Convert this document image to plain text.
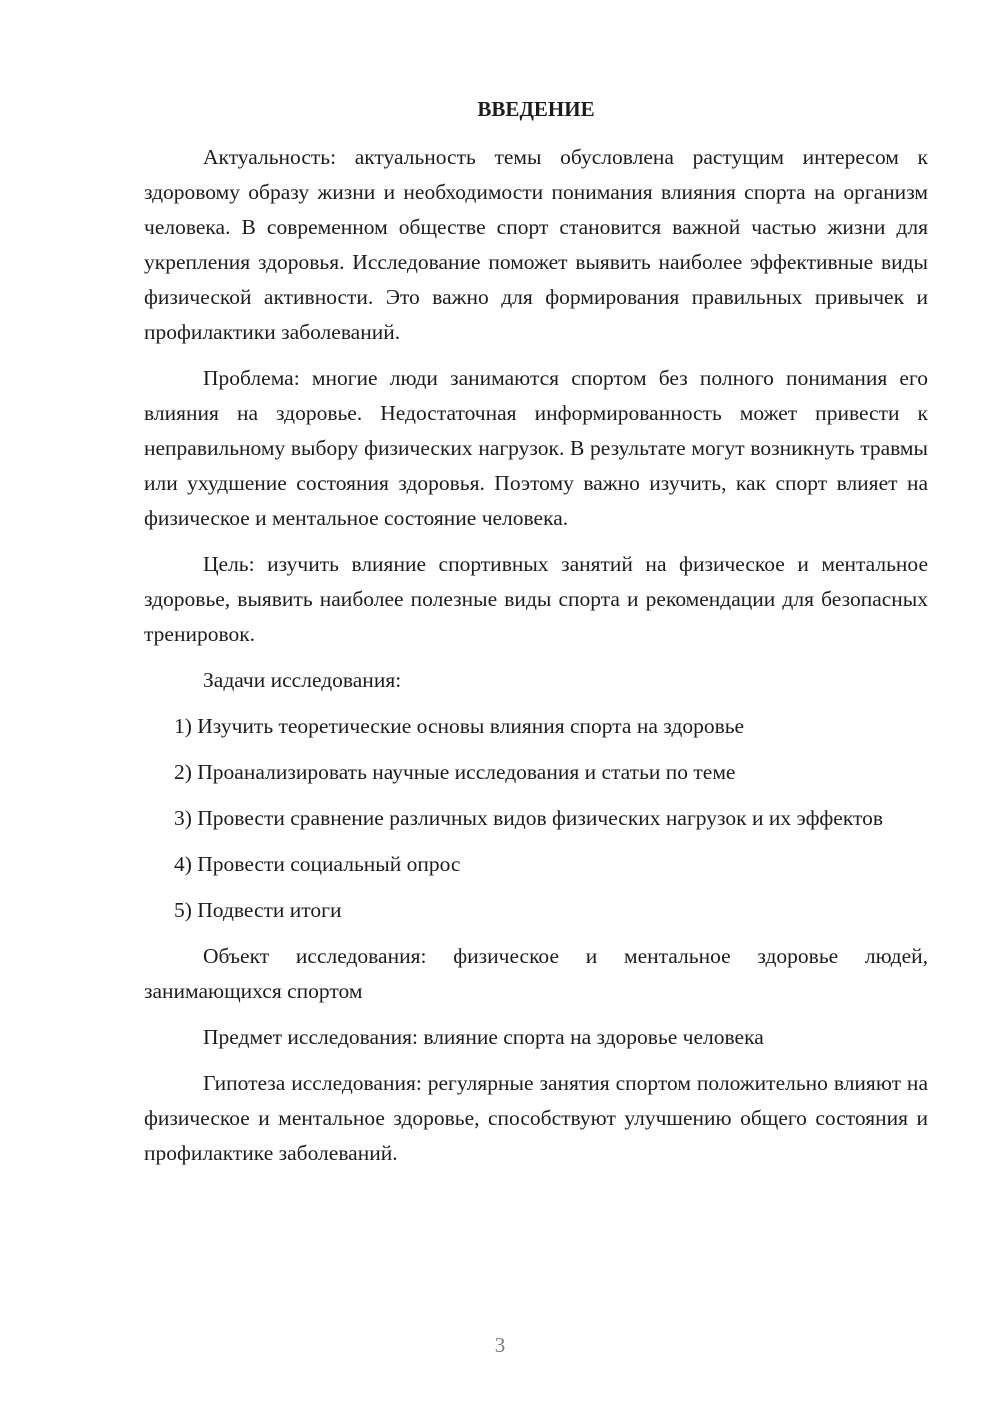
ВВЕДЕНИЕ

Актуальность: актуальность темы обусловлена растущим интересом к здоровому образу жизни и необходимости понимания влияния спорта на организм человека. В современном обществе спорт становится важной частью жизни для укрепления здоровья. Исследование поможет выявить наиболее эффективные виды физической активности. Это важно для формирования правильных привычек и профилактики заболеваний.

Проблема: многие люди занимаются спортом без полного понимания его влияния на здоровье. Недостаточная информированность может привести к неправильному выбору физических нагрузок. В результате могут возникнуть травмы или ухудшение состояния здоровья. Поэтому важно изучить, как спорт влияет на физическое и ментальное состояние человека.

Цель: изучить влияние спортивных занятий на физическое и ментальное здоровье, выявить наиболее полезные виды спорта и рекомендации для безопасных тренировок.

Задачи исследования:

1) Изучить теоретические основы влияния спорта на здоровье

2) Проанализировать научные исследования и статьи по теме

3) Провести сравнение различных видов физических нагрузок и их эффектов

4) Провести социальный опрос

5) Подвести итоги

Объект исследования: физическое и ментальное здоровье людей, занимающихся спортом

Предмет исследования: влияние спорта на здоровье человека

Гипотеза исследования: регулярные занятия спортом положительно влияют на физическое и ментальное здоровье, способствуют улучшению общего состояния и профилактике заболеваний.

3
